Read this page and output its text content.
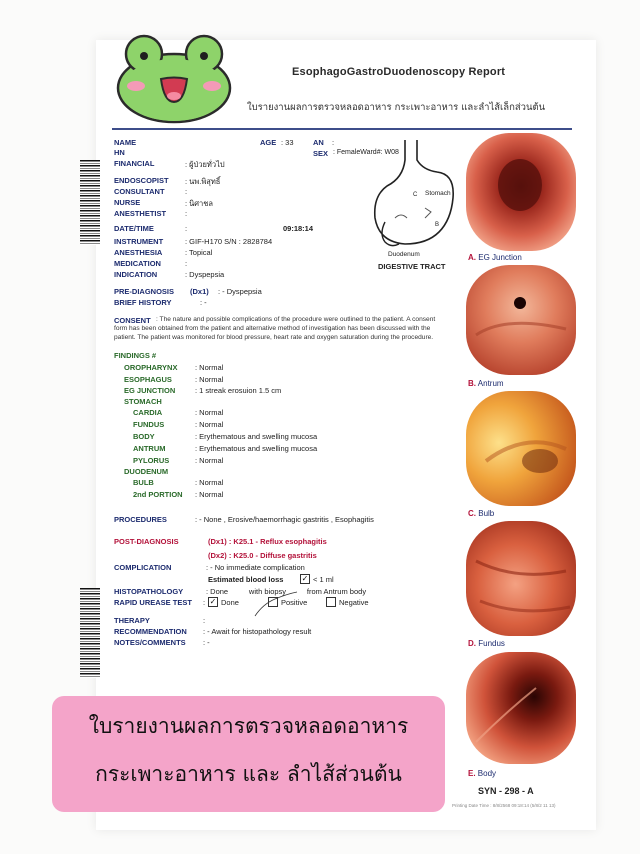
EsophagoGastroDuodenoscopy Report
ใบรายงานผลการตรวจหลอดอาหาร กระเพาะอาหาร และลำไส้เล็กส่วนต้น
NAME	AGE : 33	AN :
HN	SEX : FemaleWard#: W08
FINANCIAL	: ผู้ป่วยทั่วไป
ENDOSCOPIST : นพ.พิสุทธิ์
CONSULTANT	:
NURSE	: นิศาชล
ANESTHETIST	:
DATE/TIME	:	09:18:14
INSTRUMENT	: GIF-H170 S/N : 2828784
ANESTHESIA	: Topical
MEDICATION	:
INDICATION	: Dyspepsia
PRE-DIAGNOSIS (Dx1) : - Dyspepsia
BRIEF HISTORY	: -
C
B
Stomach
Duodenum
DIGESTIVE TRACT
CONSENT : The nature and possible complications of the procedure were outlined to the patient. A consent
form has been obtained from the patient and alternative method of investigation has been discussed with the
patient. The patient was monitored for blood pressure, heart rate and oxygen saturation during the procedure.
FINDINGS #
OROPHARYNX : Normal
ESOPHAGUS	: Normal
EG JUNCTION	: 1 streak erosuion 1.5 cm
STOMACH
CARDIA	: Normal
FUNDUS	: Normal
BODY	: Erythematous and swelling mucosa
ANTRUM	: Erythematous and swelling mucosa
PYLORUS	: Normal
DUODENUM
BULB	: Normal
2nd PORTION : Normal
PROCEDURES	: - None , Erosive/haemorrhagic gastritis , Esophagitis
POST-DIAGNOSIS	(Dx1) : K25.1 - Reflux esophagitis
(Dx2) : K25.0 - Diffuse gastritis
COMPLICATION	: - No immediate complication
Estimated blood loss ✓ < 1 ml
HISTOPATHOLOGY	: Done          with biopsy          from Antrum body
RAPID UREASE TEST : ✓ Done	Positive	Negative
THERAPY	:
RECOMMENDATION : - Await for histopathology result
NOTES/COMMENTS : -
A. EG Junction
B. Antrum
C. Bulb
D. Fundus
E. Body
SYN - 298 - A
Printing Date Time : 8/8/2568 09:18:14 (5/8/2 11 13)
ใบรายงานผลการตรวจหลอดอาหาร
กระเพาะอาหาร และ ลำไส้ส่วนต้น
